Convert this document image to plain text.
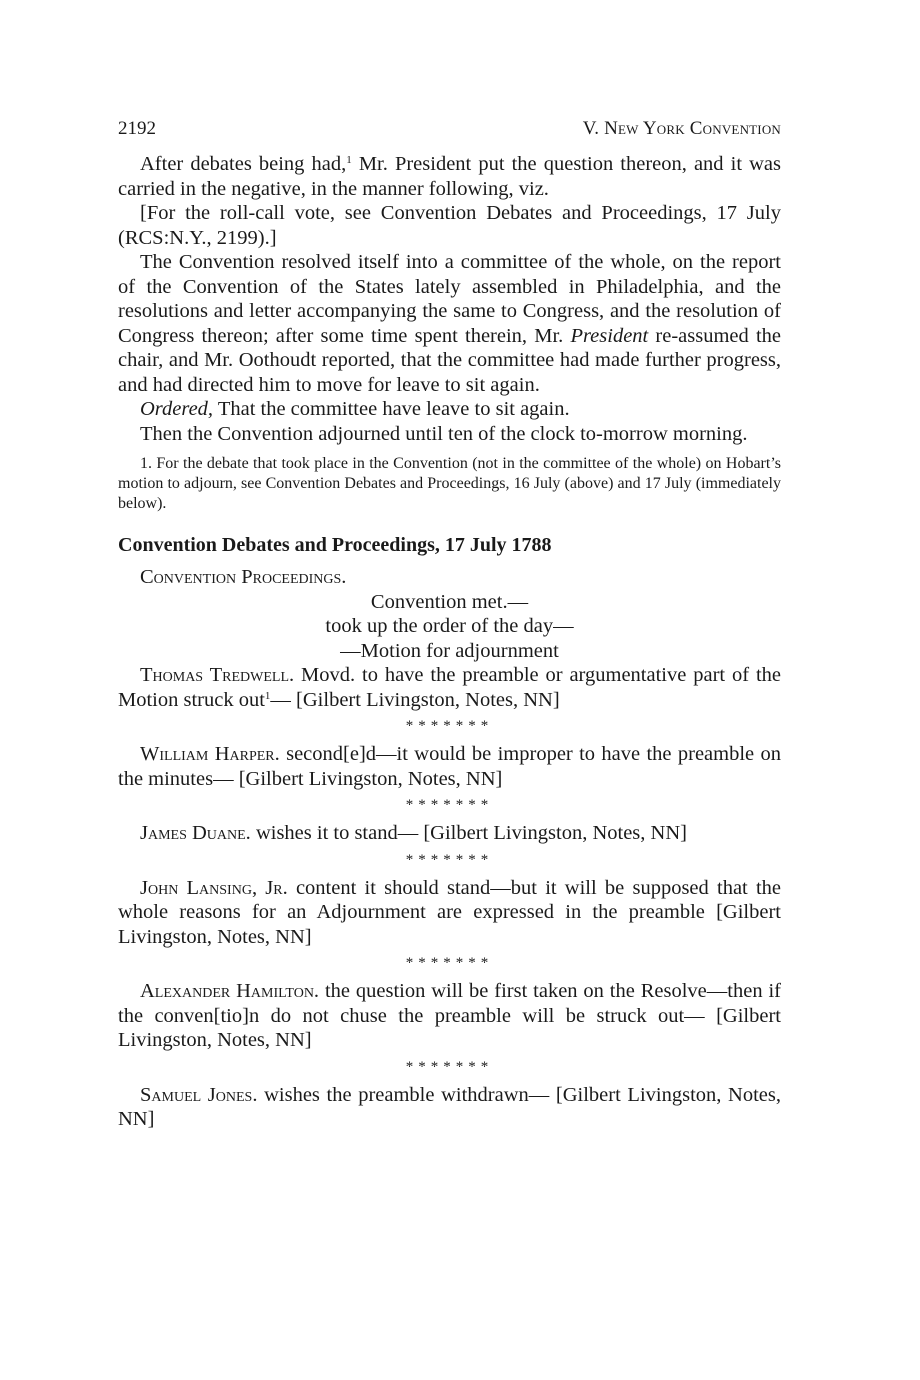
2192	V. New York Convention

After debates being had,$^1$ Mr. President put the question thereon, and it was carried in the negative, in the manner following, viz.

[For the roll-call vote, see Convention Debates and Proceedings, 17 July (RCS:N.Y., 2199).]

The Convention resolved itself into a committee of the whole, on the report of the Convention of the States lately assembled in Philadelphia, and the resolutions and letter accompanying the same to Congress, and the resolution of Congress thereon; after some time spent therein, Mr. President re-assumed the chair, and Mr. Oothoudt reported, that the committee had made further progress, and had directed him to move for leave to sit again.

Ordered, That the committee have leave to sit again.

Then the Convention adjourned until ten of the clock to-morrow morning.

1. For the debate that took place in the Convention (not in the committee of the whole) on Hobart’s motion to adjourn, see Convention Debates and Proceedings, 16 July (above) and 17 July (immediately below).

Convention Debates and Proceedings, 17 July 1788

Convention Proceedings.

Convention met.—

took up the order of the day—

—Motion for adjournment

Thomas Tredwell. Movd. to have the preamble or argumentative part of the Motion struck out$^1$— [Gilbert Livingston, Notes, NN]

*******

William Harper. second[e]d—it would be improper to have the preamble on the minutes— [Gilbert Livingston, Notes, NN]

*******

James Duane. wishes it to stand— [Gilbert Livingston, Notes, NN]

*******

John Lansing, Jr. content it should stand—but it will be supposed that the whole reasons for an Adjournment are expressed in the preamble [Gilbert Livingston, Notes, NN]

*******

Alexander Hamilton. the question will be first taken on the Resolve—then if the conven[tio]n do not chuse the preamble will be struck out— [Gilbert Livingston, Notes, NN]

*******

Samuel Jones. wishes the preamble withdrawn— [Gilbert Livingston, Notes, NN]
